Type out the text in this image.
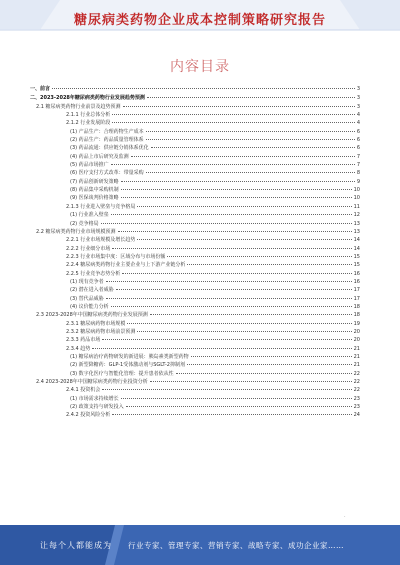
糖尿病类药物企业成本控制策略研究报告
内容目录
一、前言	3
二、2023-2028年糖尿病类药物行业发展趋势预测	3
2.1 糖尿病类药物行业前景及趋势预测	3
2.1.1 行业总体分析	4
2.1.2 行业发展阶段	4
(1) 产品生产：合理药物生产成本	6
(2) 药品生产：药品质量管理体系	6
(3) 药品流通：供应链分销体系优化	6
(4) 药品上市后研究及监测	7
(5) 药品市场推广	7
(6) 医疗支付方式改革：带量采购	8
(7) 药品创新研发策略	9
(8) 药品集中采购机制	10
(9) 医保谈判价格策略	10
2.1.3 行业进入壁垒与竞争格局	11
(1) 行业准入壁垒	12
(2) 竞争格局	13
2.2 糖尿病类药物行业市场规模预测	13
2.2.1 行业市场规模及增长趋势	14
2.2.2 行业细分市场	14
2.2.3 行业市场集中度：区域分布与市场份额	15
2.2.4 糖尿病类药物行业主要企业与上下游产业链分析	15
2.2.5 行业竞争态势分析	16
(1) 现有竞争者	16
(2) 潜在进入者威胁	17
(3) 替代品威胁	17
(4) 议价能力分析	18
2.3 2023-2028年中国糖尿病类药物行业发展预测	18
2.3.1 糖尿病药物市场规模	19
2.3.2 糖尿病药物市场前景预测	20
2.3.3 药品市场	20
2.3.4 趋势	21
(1) 糖尿病治疗药物研发的新进展：胰岛素类新型药物	21
(2) 新型降糖药：GLP-1受体激动剂与SGLT-2抑制剂	21
(3) 数字化医疗与智能化管理：提升患者依从性	22
2.4 2023-2028年中国糖尿病类药物行业投资分析	22
2.4.1 投资机会	22
(1) 市场需求持续增长	23
(2) 政策支持与研发投入	23
2.4.2 投资风险分析	24
·
让每个人都能成为 行业专家、管理专家、营销专家、战略专家、成功企业家……
